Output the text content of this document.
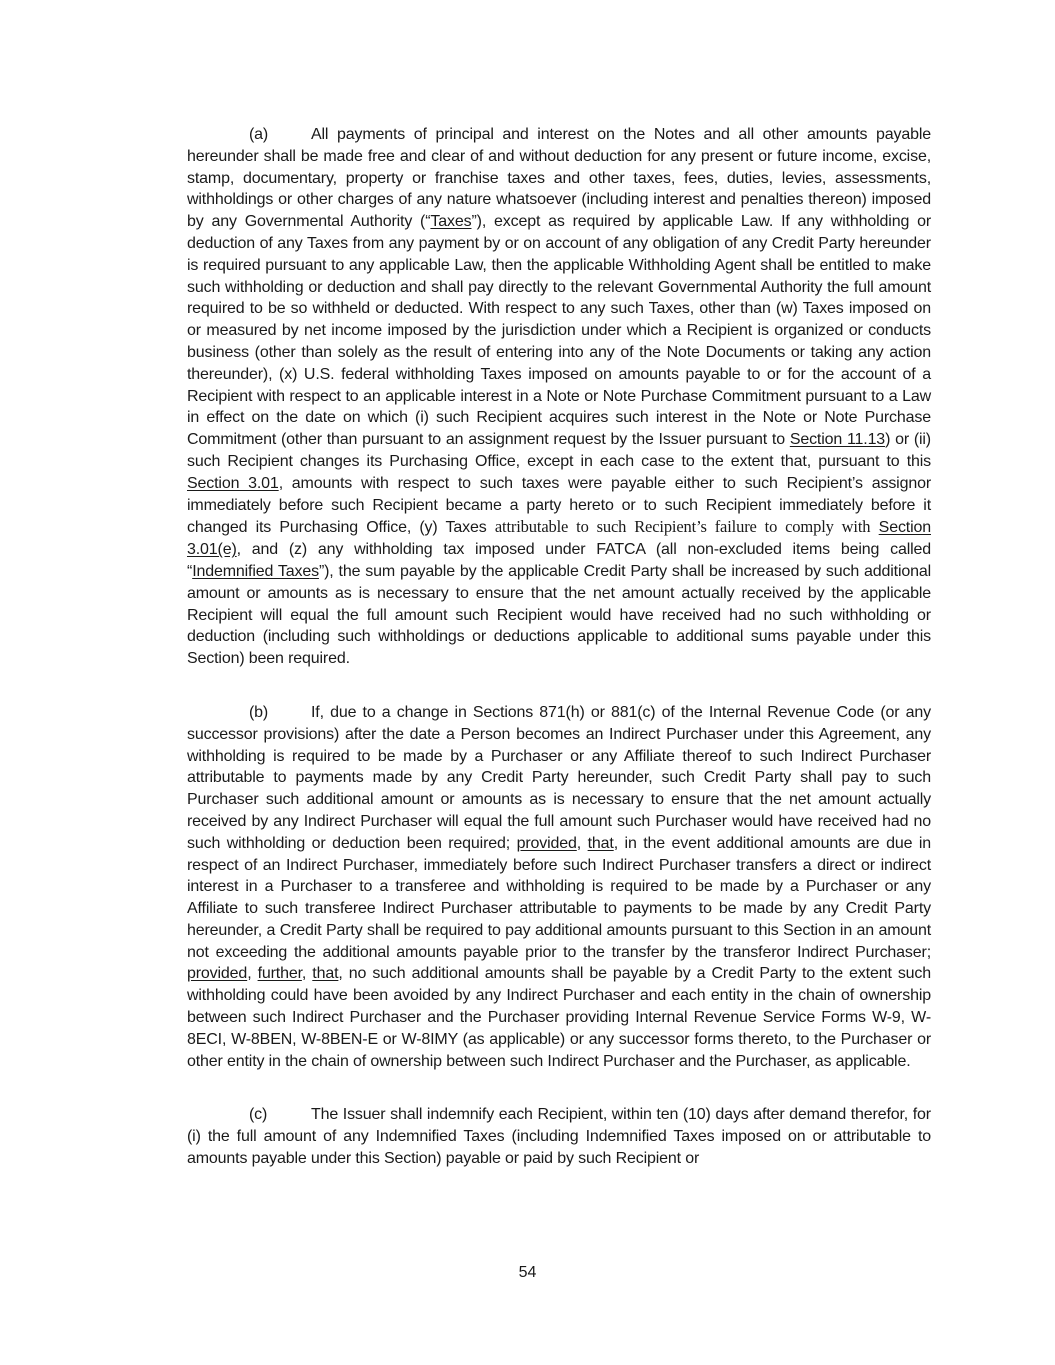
(a)	All payments of principal and interest on the Notes and all other amounts payable hereunder shall be made free and clear of and without deduction for any present or future income, excise, stamp, documentary, property or franchise taxes and other taxes, fees, duties, levies, assessments, withholdings or other charges of any nature whatsoever (including interest and penalties thereon) imposed by any Governmental Authority (“Taxes”), except as required by applicable Law. If any withholding or deduction of any Taxes from any payment by or on account of any obligation of any Credit Party hereunder is required pursuant to any applicable Law, then the applicable Withholding Agent shall be entitled to make such withholding or deduction and shall pay directly to the relevant Governmental Authority the full amount required to be so withheld or deducted. With respect to any such Taxes, other than (w) Taxes imposed on or measured by net income imposed by the jurisdiction under which a Recipient is organized or conducts business (other than solely as the result of entering into any of the Note Documents or taking any action thereunder), (x) U.S. federal withholding Taxes imposed on amounts payable to or for the account of a Recipient with respect to an applicable interest in a Note or Note Purchase Commitment pursuant to a Law in effect on the date on which (i) such Recipient acquires such interest in the Note or Note Purchase Commitment (other than pursuant to an assignment request by the Issuer pursuant to Section 11.13) or (ii) such Recipient changes its Purchasing Office, except in each case to the extent that, pursuant to this Section 3.01, amounts with respect to such taxes were payable either to such Recipient’s assignor immediately before such Recipient became a party hereto or to such Recipient immediately before it changed its Purchasing Office, (y) Taxes attributable to such Recipient’s failure to comply with Section 3.01(e), and (z) any withholding tax imposed under FATCA (all non-excluded items being called “Indemnified Taxes”), the sum payable by the applicable Credit Party shall be increased by such additional amount or amounts as is necessary to ensure that the net amount actually received by the applicable Recipient will equal the full amount such Recipient would have received had no such withholding or deduction (including such withholdings or deductions applicable to additional sums payable under this Section) been required.

(b)	If, due to a change in Sections 871(h) or 881(c) of the Internal Revenue Code (or any successor provisions) after the date a Person becomes an Indirect Purchaser under this Agreement, any withholding is required to be made by a Purchaser or any Affiliate thereof to such Indirect Purchaser attributable to payments made by any Credit Party hereunder, such Credit Party shall pay to such Purchaser such additional amount or amounts as is necessary to ensure that the net amount actually received by any Indirect Purchaser will equal the full amount such Purchaser would have received had no such withholding or deduction been required; provided, that, in the event additional amounts are due in respect of an Indirect Purchaser, immediately before such Indirect Purchaser transfers a direct or indirect interest in a Purchaser to a transferee and withholding is required to be made by a Purchaser or any Affiliate to such transferee Indirect Purchaser attributable to payments to be made by any Credit Party hereunder, a Credit Party shall be required to pay additional amounts pursuant to this Section in an amount not exceeding the additional amounts payable prior to the transfer by the transferor Indirect Purchaser; provided, further, that, no such additional amounts shall be payable by a Credit Party to the extent such withholding could have been avoided by any Indirect Purchaser and each entity in the chain of ownership between such Indirect Purchaser and the Purchaser providing Internal Revenue Service Forms W-9, W-8ECI, W-8BEN, W-8BEN-E or W-8IMY (as applicable) or any successor forms thereto, to the Purchaser or other entity in the chain of ownership between such Indirect Purchaser and the Purchaser, as applicable.

(c)	The Issuer shall indemnify each Recipient, within ten (10) days after demand therefor, for (i) the full amount of any Indemnified Taxes (including Indemnified Taxes imposed on or attributable to amounts payable under this Section) payable or paid by such Recipient or

54
